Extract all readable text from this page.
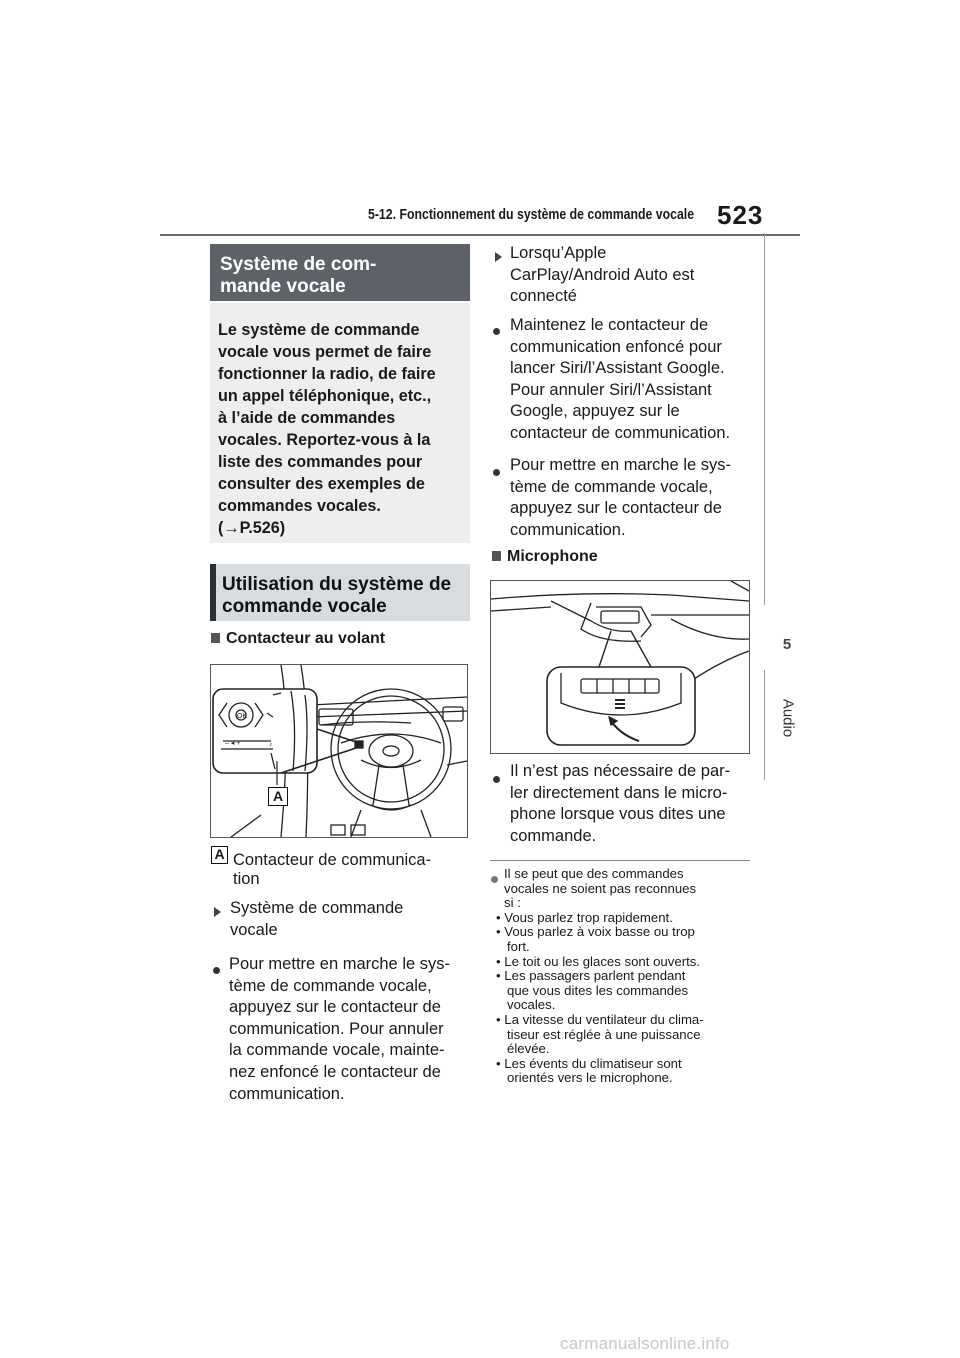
5-12. Fonctionnement du système de commande vocale 523
5
Audio
Système de com-
mande vocale
Le système de commande
vocale vous permet de faire
fonctionner la radio, de faire
un appel téléphonique, etc.,
à l’aide de commandes
vocales. Reportez-vous à la
liste des commandes pour
consulter des exemples de
commandes vocales.
(→P.526)
Utilisation du système de
commande vocale
Contacteur au volant
OK
– ◂ +	♪
A
A Contacteur de communica-
tion
Système de commande
vocale
Pour mettre en marche le sys-
tème de commande vocale,
appuyez sur le contacteur de
communication. Pour annuler
la commande vocale, mainte-
nez enfoncé le contacteur de
communication.
Lorsqu’Apple
CarPlay/Android Auto est
connecté
Maintenez le contacteur de
communication enfoncé pour
lancer Siri/l’Assistant Google.
Pour annuler Siri/l’Assistant
Google, appuyez sur le
contacteur de communication.
Pour mettre en marche le sys-
tème de commande vocale,
appuyez sur le contacteur de
communication.
Microphone
Il n’est pas nécessaire de par-
ler directement dans le micro-
phone lorsque vous dites une
commande.
Il se peut que des commandes
vocales ne soient pas reconnues
si :
• Vous parlez trop rapidement.
• Vous parlez à voix basse ou trop
fort.
• Le toit ou les glaces sont ouverts.
• Les passagers parlent pendant
que vous dites les commandes
vocales.
• La vitesse du ventilateur du clima-
tiseur est réglée à une puissance
élevée.
• Les évents du climatiseur sont
orientés vers le microphone.
carmanualsonline.info
